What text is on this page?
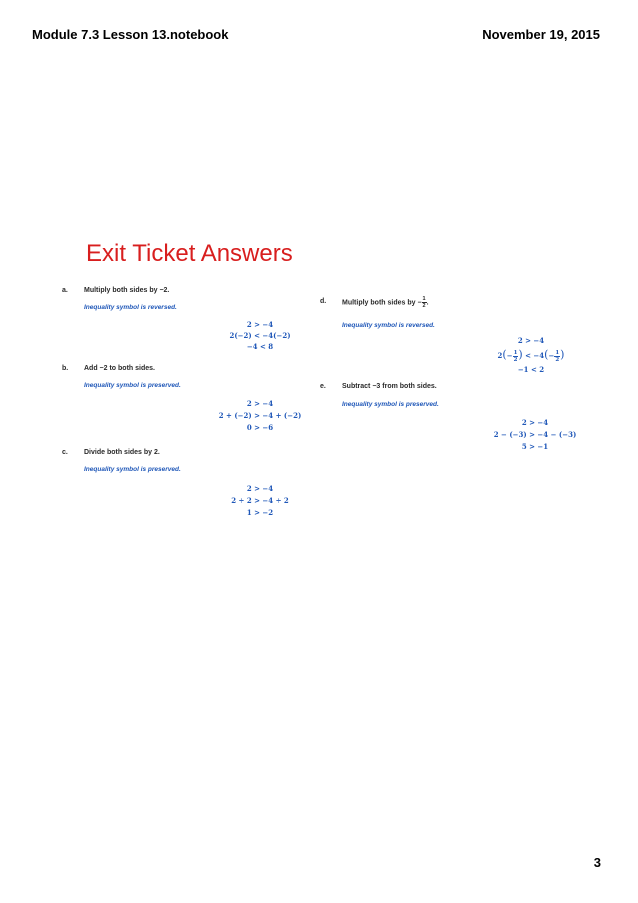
Module 7.3 Lesson 13.notebook	November 19, 2015
Exit Ticket Answers
a. Multiply both sides by −2.
Inequality symbol is reversed.
2 > −4
2(−2) < −4(−2)
−4 < 8
b. Add −2 to both sides.
Inequality symbol is preserved.
2 > −4
2 + (−2) > −4 + (−2)
0 > −6
c. Divide both sides by 2.
Inequality symbol is preserved.
2 > −4
2 ÷ 2 > −4 ÷ 2
1 > −2
d. Multiply both sides by − $\frac{1}{2}$ .
Inequality symbol is reversed.
2 > −4
$2(- \frac{1}{2}$ ) < $-4(- \frac{1}{2}$ )
−1 < 2
e. Subtract −3 from both sides.
Inequality symbol is preserved.
2 > −4
2 − (−3) > −4 − (−3)
5 > −1
3
